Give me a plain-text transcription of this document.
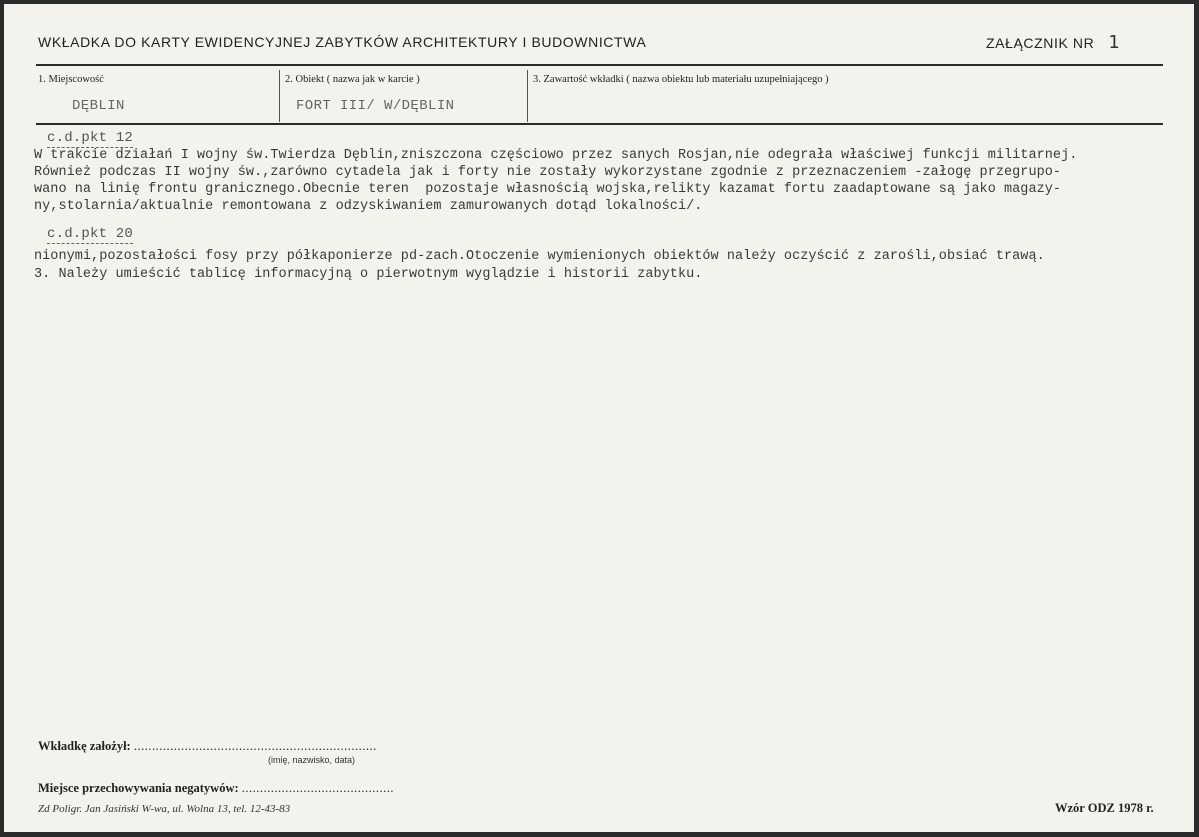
WKŁADKA DO KARTY EWIDENCYJNEJ ZABYTKÓW ARCHITEKTURY I BUDOWNICTWA	ZAŁĄCZNIK NR 1
1. Miejscowość
DĘBLIN
2. Obiekt ( nazwa jak w karcie )
FORT III/ W/DĘBLIN
3. Zawartość wkładki ( nazwa obiektu lub materiału uzupełniającego )
c.d.pkt 12
W trakcie działań I wojny św.Twierdza Dęblin,zniszczona częściowo przez sanych Rosjan,nie odegrała właściwej funkcji militarnej.
Również podczas II wojny św.,zarówno cytadela jak i forty nie zostały wykorzystane zgodnie z przeznaczeniem -załogę przegrupo-
wano na linię frontu granicznego.Obecnie teren  pozostaje własnością wojska,relikty kazamat fortu zaadaptowane są jako magazy-
ny,stolarnia/aktualnie remontowana z odzyskiwaniem zamurowanych dotąd lokalności/.
c.d.pkt 20
nionymi,pozostałości fosy przy półkaponierze pd-zach.Otoczenie wymienionych obiektów należy oczyścić z zarośli,obsiać trawą.
3. Należy umieścić tablicę informacyjną o pierwotnym wyglądzie i historii zabytku.
Wkładkę założył: ...................................................................
(imię, nazwisko, data)
Miejsce przechowywania negatywów: ..........................................
Zd Poligr. Jan Jasiński W-wa, ul. Wolna 13, tel. 12-43-83	Wzór ODZ 1978 r.
